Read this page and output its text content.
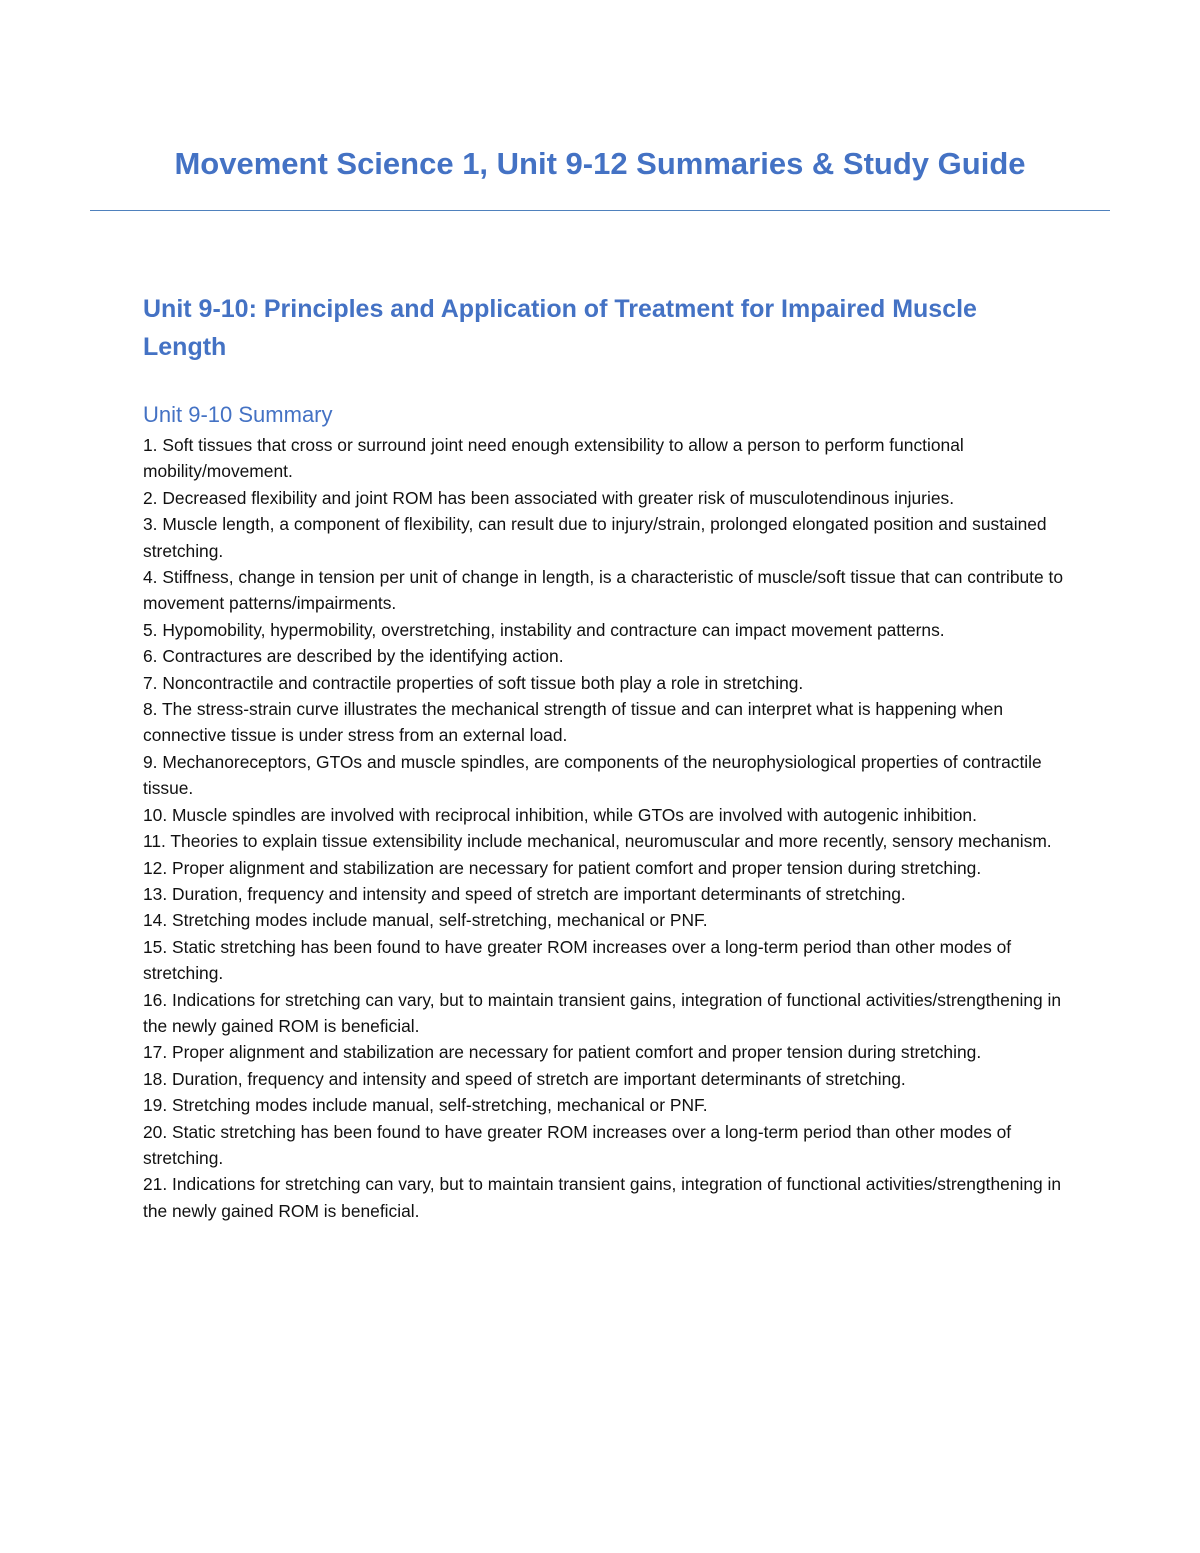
Movement Science 1, Unit 9-12 Summaries & Study Guide
Unit 9-10: Principles and Application of Treatment for Impaired Muscle Length
Unit 9-10 Summary
1. Soft tissues that cross or surround joint need enough extensibility to allow a person to perform functional mobility/movement.
2. Decreased flexibility and joint ROM has been associated with greater risk of musculotendinous injuries.
3. Muscle length, a component of flexibility, can result due to injury/strain, prolonged elongated position and sustained stretching.
4. Stiffness, change in tension per unit of change in length, is a characteristic of muscle/soft tissue that can contribute to movement patterns/impairments.
5. Hypomobility, hypermobility, overstretching, instability and contracture can impact movement patterns.
6. Contractures are described by the identifying action.
7. Noncontractile and contractile properties of soft tissue both play a role in stretching.
8. The stress-strain curve illustrates the mechanical strength of tissue and can interpret what is happening when connective tissue is under stress from an external load.
9. Mechanoreceptors, GTOs and muscle spindles, are components of the neurophysiological properties of contractile tissue.
10. Muscle spindles are involved with reciprocal inhibition, while GTOs are involved with autogenic inhibition.
11. Theories to explain tissue extensibility include mechanical, neuromuscular and more recently, sensory mechanism.
12. Proper alignment and stabilization are necessary for patient comfort and proper tension during stretching.
13. Duration, frequency and intensity and speed of stretch are important determinants of stretching.
14. Stretching modes include manual, self-stretching, mechanical or PNF.
15. Static stretching has been found to have greater ROM increases over a long-term period than other modes of stretching.
16. Indications for stretching can vary, but to maintain transient gains, integration of functional activities/strengthening in the newly gained ROM is beneficial.
17. Proper alignment and stabilization are necessary for patient comfort and proper tension during stretching.
18. Duration, frequency and intensity and speed of stretch are important determinants of stretching.
19. Stretching modes include manual, self-stretching, mechanical or PNF.
20. Static stretching has been found to have greater ROM increases over a long-term period than other modes of stretching.
21. Indications for stretching can vary, but to maintain transient gains, integration of functional activities/strengthening in the newly gained ROM is beneficial.
